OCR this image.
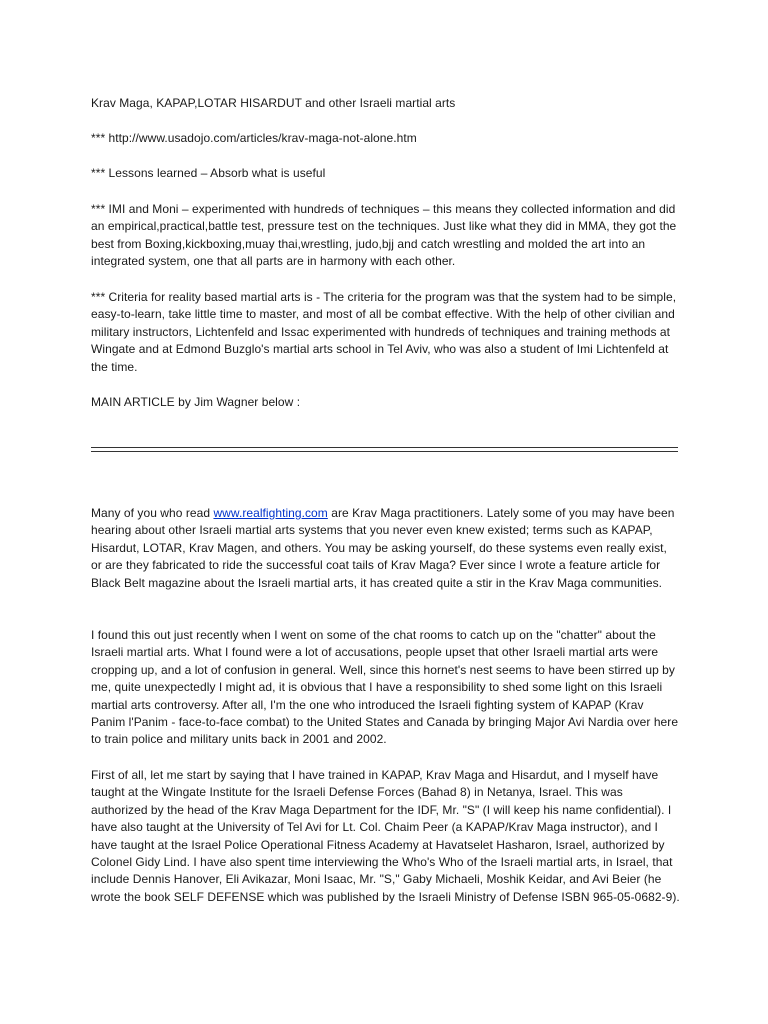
Krav Maga, KAPAP,LOTAR HISARDUT and other Israeli martial arts

*** http://www.usadojo.com/articles/krav-maga-not-alone.htm

*** Lessons learned – Absorb what is useful

*** IMI and Moni – experimented with hundreds of techniques – this means they collected information and did an empirical,practical,battle test, pressure test on the techniques. Just like what they did in MMA, they got the best from Boxing,kickboxing,muay thai,wrestling, judo,bjj and catch wrestling and molded the art into an integrated system, one that all parts are in harmony with each other.

*** Criteria for reality based martial arts is - The criteria for the program was that the system had to be simple, easy-to-learn, take little time to master, and most of all be combat effective. With the help of other civilian and military instructors, Lichtenfeld and Issac experimented with hundreds of techniques and training methods at Wingate and at Edmond Buzglo's martial arts school in Tel Aviv, who was also a student of Imi Lichtenfeld at the time.

MAIN ARTICLE by Jim Wagner below :

Many of you who read www.realfighting.com are Krav Maga practitioners. Lately some of you may have been hearing about other Israeli martial arts systems that you never even knew existed; terms such as KAPAP, Hisardut, LOTAR, Krav Magen, and others. You may be asking yourself, do these systems even really exist, or are they fabricated to ride the successful coat tails of Krav Maga? Ever since I wrote a feature article for Black Belt magazine about the Israeli martial arts, it has created quite a stir in the Krav Maga communities.

I found this out just recently when I went on some of the chat rooms to catch up on the "chatter" about the Israeli martial arts. What I found were a lot of accusations, people upset that other Israeli martial arts were cropping up, and a lot of confusion in general. Well, since this hornet's nest seems to have been stirred up by me, quite unexpectedly I might ad, it is obvious that I have a responsibility to shed some light on this Israeli martial arts controversy. After all, I'm the one who introduced the Israeli fighting system of KAPAP (Krav Panim l'Panim - face-to-face combat) to the United States and Canada by bringing Major Avi Nardia over here to train police and military units back in 2001 and 2002.

First of all, let me start by saying that I have trained in KAPAP, Krav Maga and Hisardut, and I myself have taught at the Wingate Institute for the Israeli Defense Forces (Bahad 8) in Netanya, Israel. This was authorized by the head of the Krav Maga Department for the IDF, Mr. "S" (I will keep his name confidential). I have also taught at the University of Tel Avi for Lt. Col. Chaim Peer (a KAPAP/Krav Maga instructor), and I have taught at the Israel Police Operational Fitness Academy at Havatselet Hasharon, Israel, authorized by Colonel Gidy Lind. I have also spent time interviewing the Who's Who of the Israeli martial arts, in Israel, that include Dennis Hanover, Eli Avikazar, Moni Isaac, Mr. "S," Gaby Michaeli, Moshik Keidar, and Avi Beier (he wrote the book SELF DEFENSE which was published by the Israeli Ministry of Defense ISBN 965-05-0682-9).
